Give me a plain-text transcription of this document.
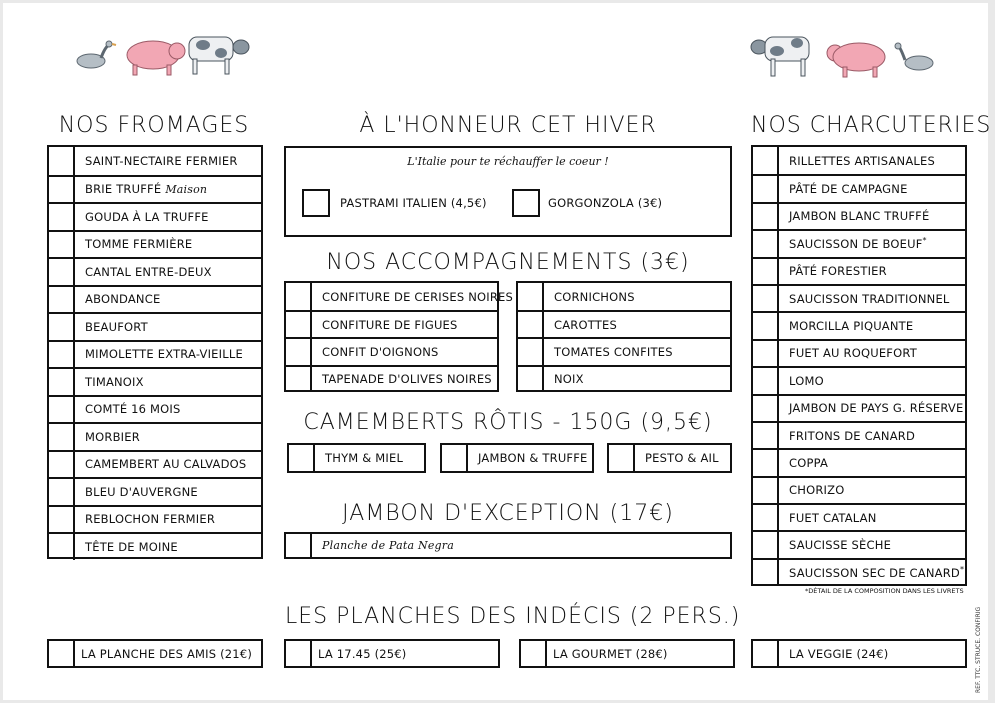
NOS FROMAGES	À L'HONNEUR CET HIVER	NOS CHARCUTERIES
SAINT-NECTAIRE FERMIER
BRIE TRUFFÉ Maison
GOUDA À LA TRUFFE
TOMME FERMIÈRE
CANTAL ENTRE-DEUX
ABONDANCE
BEAUFORT
MIMOLETTE EXTRA-VIEILLE
TIMANOIX
COMTÉ 16 MOIS
MORBIER
CAMEMBERT AU CALVADOS
BLEU D'AUVERGNE
REBLOCHON FERMIER
TÊTE DE MOINE
L'Italie pour te réchauffer le coeur !
PASTRAMI ITALIEN (4,5€)	GORGONZOLA (3€)
NOS ACCOMPAGNEMENTS (3€)
CONFITURE DE CERISES NOIRES
CONFITURE DE FIGUES
CONFIT D'OIGNONS
TAPENADE D'OLIVES NOIRES
CORNICHONS
CAROTTES
TOMATES CONFITES
NOIX
CAMEMBERTS RÔTIS - 150G (9,5€)
THYM & MIEL	JAMBON & TRUFFE	PESTO & AIL
JAMBON D'EXCEPTION (17€)
Planche de Pata Negra
RILLETTES ARTISANALES
PÂTÉ DE CAMPAGNE
JAMBON BLANC TRUFFÉ
SAUCISSON DE BOEUF*
PÂTÉ FORESTIER
SAUCISSON TRADITIONNEL
MORCILLA PIQUANTE
FUET AU ROQUEFORT
LOMO
JAMBON DE PAYS G. RÉSERVE
FRITONS DE CANARD
COPPA
CHORIZO
FUET CATALAN
SAUCISSE SÈCHE
SAUCISSON SEC DE CANARD*
*DÉTAIL DE LA COMPOSITION DANS LES LIVRETS
LES PLANCHES DES INDÉCIS (2 PERS.)
LA PLANCHE DES AMIS (21€)	LA 17.45 (25€)	LA GOURMET (28€)	LA VEGGIE (24€)	REF. TTC. STRUCE. CONFIRIG
